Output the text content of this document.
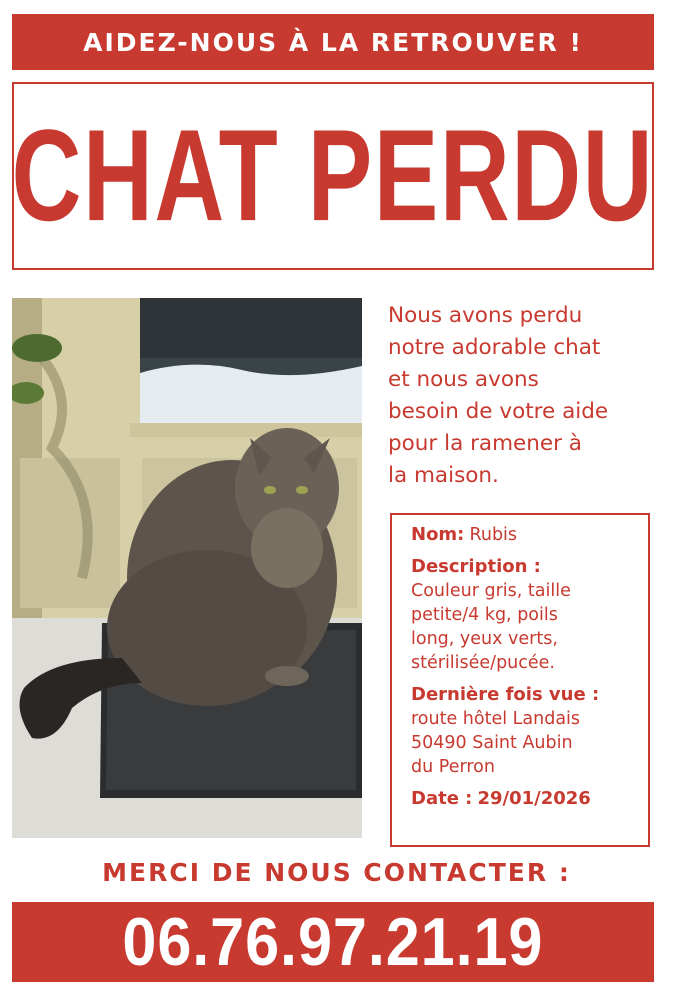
AIDEZ-NOUS À LA RETROUVER !
CHAT PERDU
Nous avons perdu
notre adorable chat
et nous avons
besoin de votre aide
pour la ramener à
la maison.
Nom: Rubis
Description :
Couleur gris, taille
petite/4 kg, poils
long, yeux verts,
stérilisée/pucée.
Dernière fois vue :
route hôtel Landais
50490 Saint Aubin
du Perron
Date : 29/01/2026
MERCI DE NOUS CONTACTER :
06.76.97.21.19
